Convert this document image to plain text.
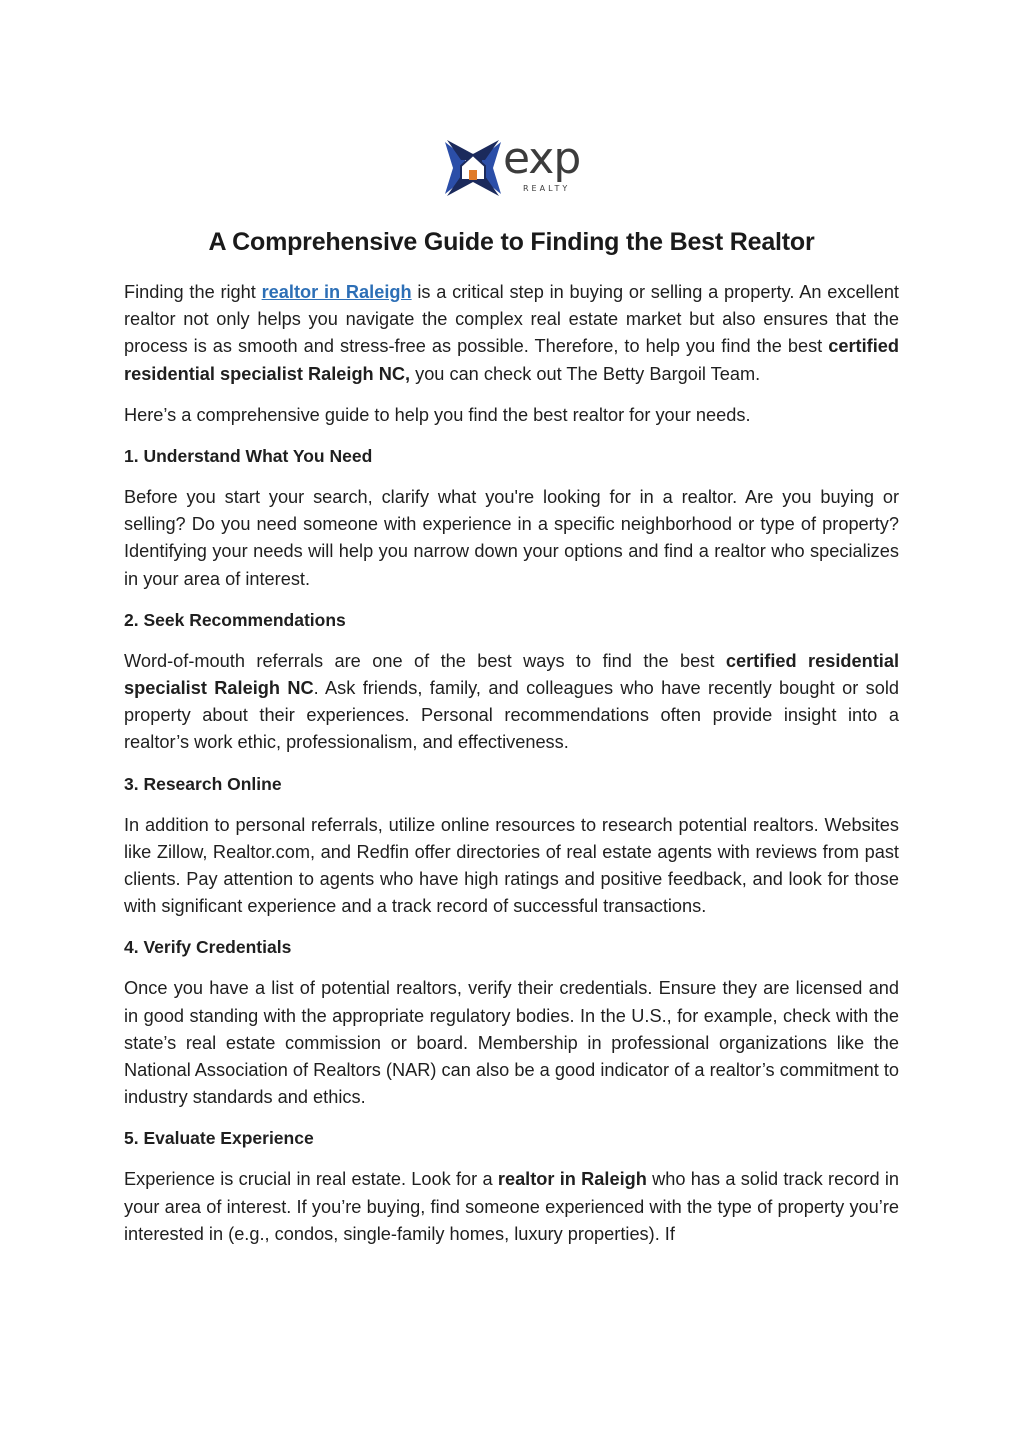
exp
REALTY
A Comprehensive Guide to Finding the Best Realtor

Finding the right realtor in Raleigh is a critical step in buying or selling a property. An excellent realtor not only helps you navigate the complex real estate market but also ensures that the process is as smooth and stress-free as possible. Therefore, to help you find the best certified residential specialist Raleigh NC, you can check out The Betty Bargoil Team.

Here’s a comprehensive guide to help you find the best realtor for your needs.

1. Understand What You Need

Before you start your search, clarify what you're looking for in a realtor. Are you buying or selling? Do you need someone with experience in a specific neighborhood or type of property? Identifying your needs will help you narrow down your options and find a realtor who specializes in your area of interest.

2. Seek Recommendations

Word-of-mouth referrals are one of the best ways to find the best certified residential specialist Raleigh NC. Ask friends, family, and colleagues who have recently bought or sold property about their experiences. Personal recommendations often provide insight into a realtor’s work ethic, professionalism, and effectiveness.

3. Research Online

In addition to personal referrals, utilize online resources to research potential realtors. Websites like Zillow, Realtor.com, and Redfin offer directories of real estate agents with reviews from past clients. Pay attention to agents who have high ratings and positive feedback, and look for those with significant experience and a track record of successful transactions.

4. Verify Credentials

Once you have a list of potential realtors, verify their credentials. Ensure they are licensed and in good standing with the appropriate regulatory bodies. In the U.S., for example, check with the state’s real estate commission or board. Membership in professional organizations like the National Association of Realtors (NAR) can also be a good indicator of a realtor’s commitment to industry standards and ethics.

5. Evaluate Experience

Experience is crucial in real estate. Look for a realtor in Raleigh who has a solid track record in your area of interest. If you’re buying, find someone experienced with the type of property you’re interested in (e.g., condos, single-family homes, luxury properties). If
